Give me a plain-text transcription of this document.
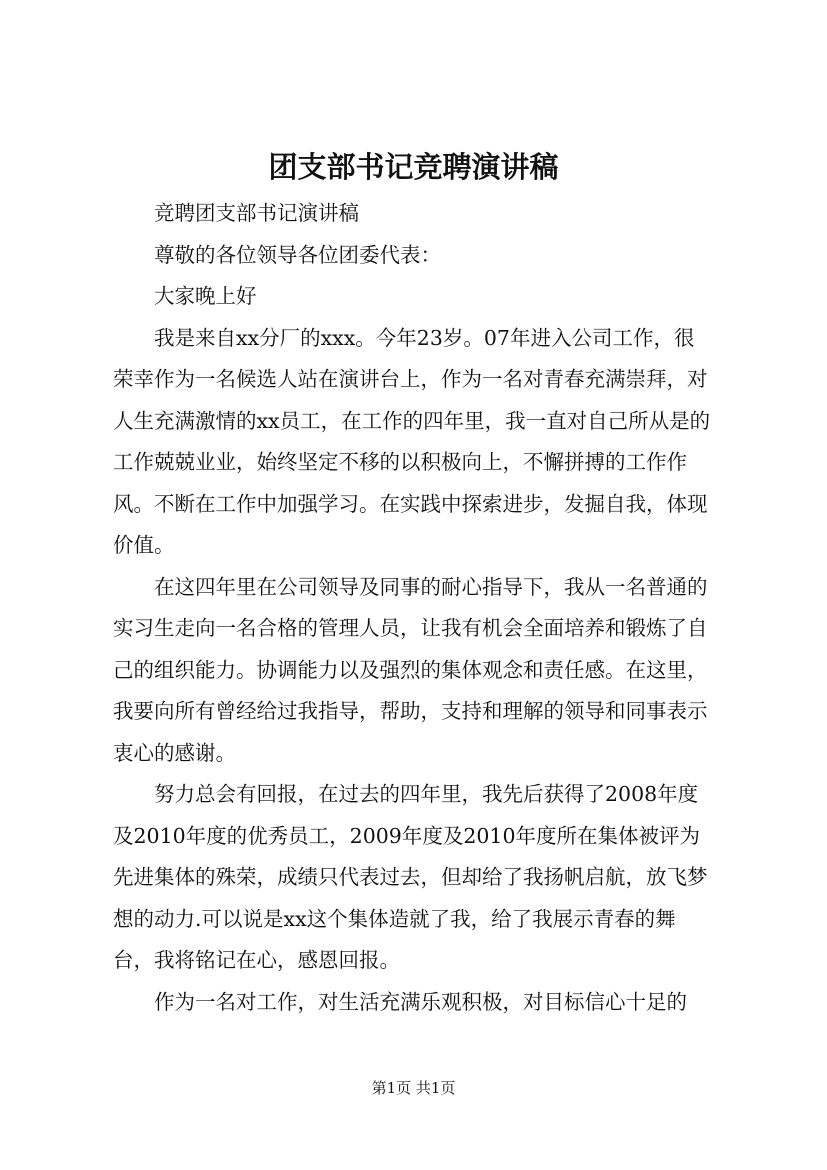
团支部书记竞聘演讲稿

竞聘团支部书记演讲稿

尊敬的各位领导各位团委代表：

大家晚上好

我是来自xx分厂的xxx。今年23岁。07年进入公司工作，很荣幸作为一名候选人站在演讲台上，作为一名对青春充满崇拜，对人生充满激情的xx员工，在工作的四年里，我一直对自己所从是的工作兢兢业业，始终坚定不移的以积极向上，不懈拼搏的工作作风。不断在工作中加强学习。在实践中探索进步，发掘自我，体现价值。

在这四年里在公司领导及同事的耐心指导下，我从一名普通的实习生走向一名合格的管理人员，让我有机会全面培养和锻炼了自己的组织能力。协调能力以及强烈的集体观念和责任感。在这里，我要向所有曾经给过我指导，帮助，支持和理解的领导和同事表示衷心的感谢。

努力总会有回报，在过去的四年里，我先后获得了2008年度及2010年度的优秀员工，2009年度及2010年度所在集体被评为先进集体的殊荣，成绩只代表过去，但却给了我扬帆启航，放飞梦想的动力.可以说是xx这个集体造就了我，给了我展示青春的舞台，我将铭记在心，感恩回报。

作为一名对工作，对生活充满乐观积极，对目标信心十足的

第1页 共1页
